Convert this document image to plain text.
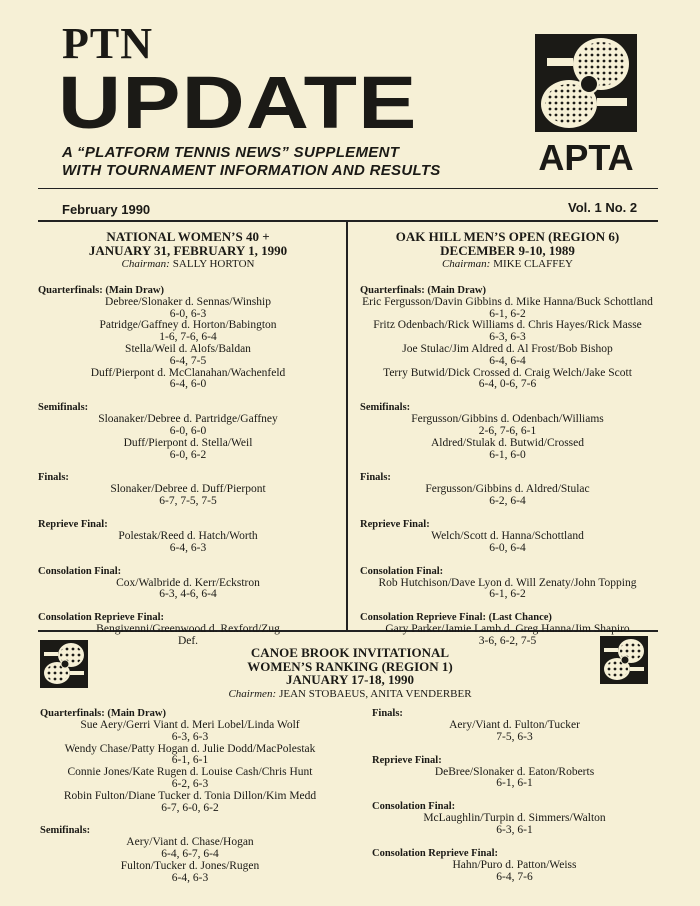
PTN
UPDATE
A “PLATFORM TENNIS NEWS” SUPPLEMENT
WITH TOURNAMENT INFORMATION AND RESULTS	APTA
February 1990	Vol. 1 No. 2
NATIONAL WOMEN’S 40 +
JANUARY 31, FEBRUARY 1, 1990
Chairman: SALLY HORTON
Quarterfinals: (Main Draw)
Debree/Slonaker d. Sennas/Winship
6-0, 6-3
Patridge/Gaffney d. Horton/Babington
1-6, 7-6, 6-4
Stella/Weil d. Alofs/Baldan
6-4, 7-5
Duff/Pierpont d. McClanahan/Wachenfeld
6-4, 6-0
Semifinals:
Sloanaker/Debree d. Partridge/Gaffney
6-0, 6-0
Duff/Pierpont d. Stella/Weil
6-0, 6-2
Finals:
Slonaker/Debree d. Duff/Pierpont
6-7, 7-5, 7-5
Reprieve Final:
Polestak/Reed d. Hatch/Worth
6-4, 6-3
Consolation Final:
Cox/Walbride d. Kerr/Eckstron
6-3, 4-6, 6-4
Consolation Reprieve Final:
Bengivenni/Greenwood d. Rexford/Zug
Def.
OAK HILL MEN’S OPEN (REGION 6)
DECEMBER 9-10, 1989
Chairman: MIKE CLAFFEY
Quarterfinals: (Main Draw)
Eric Fergusson/Davin Gibbins d. Mike Hanna/Buck Schottland
6-1, 6-2
Fritz Odenbach/Rick Williams d. Chris Hayes/Rick Masse
6-3, 6-3
Joe Stulac/Jim Aldred d. Al Frost/Bob Bishop
6-4, 6-4
Terry Butwid/Dick Crossed d. Craig Welch/Jake Scott
6-4, 0-6, 7-6
Semifinals:
Fergusson/Gibbins d. Odenbach/Williams
2-6, 7-6, 6-1
Aldred/Stulak d. Butwid/Crossed
6-1, 6-0
Finals:
Fergusson/Gibbins d. Aldred/Stulac
6-2, 6-4
Reprieve Final:
Welch/Scott d. Hanna/Schottland
6-0, 6-4
Consolation Final:
Rob Hutchison/Dave Lyon d. Will Zenaty/John Topping
6-1, 6-2
Consolation Reprieve Final: (Last Chance)
Gary Parker/Jamie Lamb d. Greg Hanna/Jim Shapiro
3-6, 6-2, 7-5
CANOE BROOK INVITATIONAL
WOMEN’S RANKING (REGION 1)
JANUARY 17-18, 1990
Chairmen: JEAN STOBAEUS, ANITA VENDERBER
Quarterfinals: (Main Draw)
Sue Aery/Gerri Viant d. Meri Lobel/Linda Wolf
6-3, 6-3
Wendy Chase/Patty Hogan d. Julie Dodd/MacPolestak
6-1, 6-1
Connie Jones/Kate Rugen d. Louise Cash/Chris Hunt
6-2, 6-3
Robin Fulton/Diane Tucker d. Tonia Dillon/Kim Medd
6-7, 6-0, 6-2
Semifinals:
Aery/Viant d. Chase/Hogan
6-4, 6-7, 6-4
Fulton/Tucker d. Jones/Rugen
6-4, 6-3
Finals:
Aery/Viant d. Fulton/Tucker
7-5, 6-3
Reprieve Final:
DeBree/Slonaker d. Eaton/Roberts
6-1, 6-1
Consolation Final:
McLaughlin/Turpin d. Simmers/Walton
6-3, 6-1
Consolation Reprieve Final:
Hahn/Puro d. Patton/Weiss
6-4, 7-6
